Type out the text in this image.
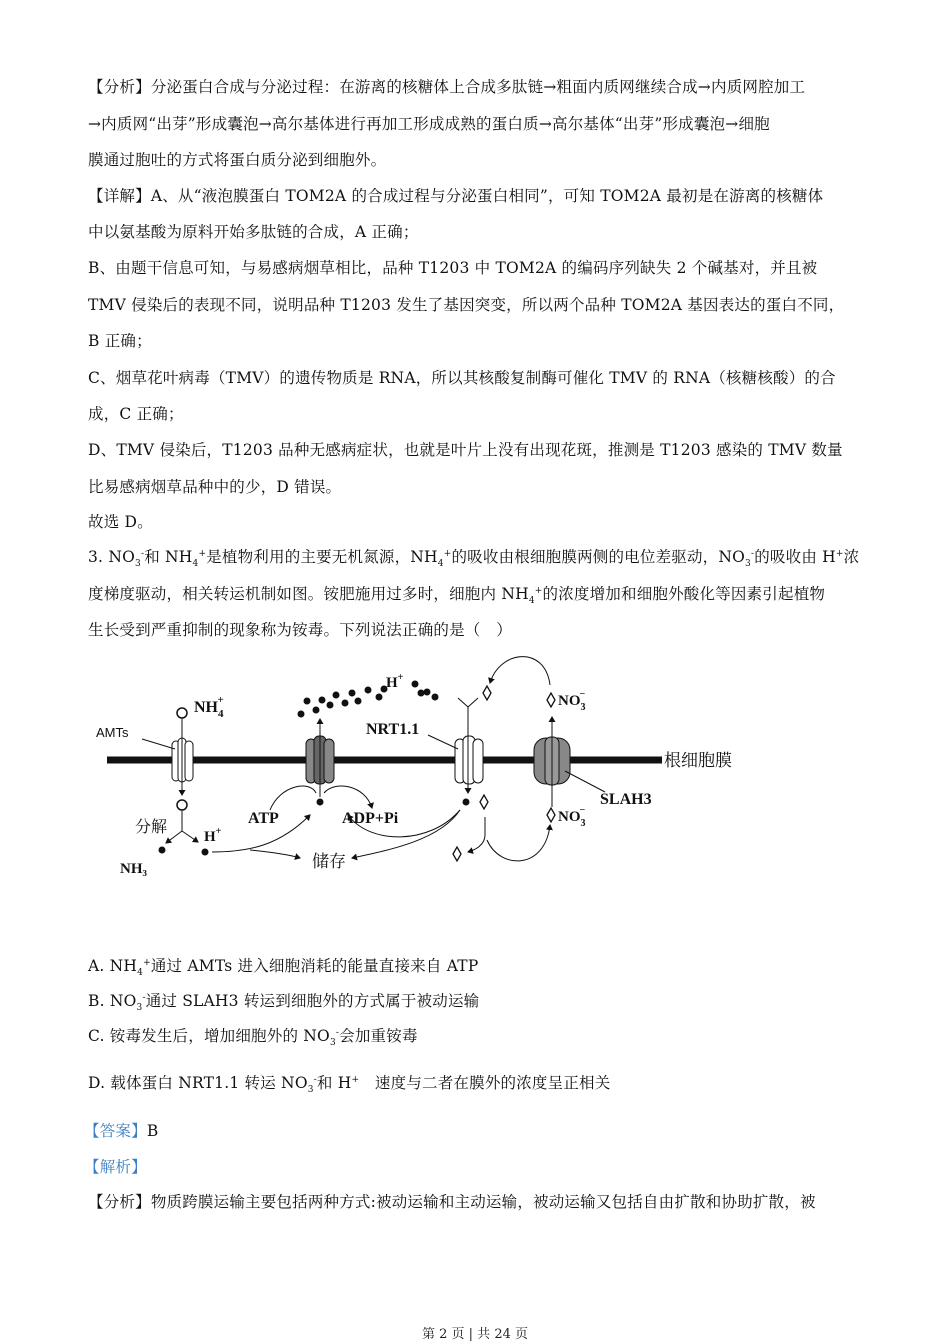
【分析】分泌蛋白合成与分泌过程：在游离的核糖体上合成多肽链→粗面内质网继续合成→内质网腔加工
→内质网“出芽”形成囊泡→高尔基体进行再加工形成成熟的蛋白质→高尔基体“出芽”形成囊泡→细胞
膜通过胞吐的方式将蛋白质分泌到细胞外。
【详解】A、从“液泡膜蛋白 TOM2A 的合成过程与分泌蛋白相同”，可知 TOM2A 最初是在游离的核糖体
中以氨基酸为原料开始多肽链的合成，A 正确；
B、由题干信息可知，与易感病烟草相比，品种 T1203 中 TOM2A 的编码序列缺失 2 个碱基对，并且被
TMV 侵染后的表现不同，说明品种 T1203 发生了基因突变，所以两个品种 TOM2A 基因表达的蛋白不同，
B 正确；
C、烟草花叶病毒（TMV）的遗传物质是 RNA，所以其核酸复制酶可催化 TMV 的 RNA（核糖核酸）的合
成，C 正确；
D、TMV 侵染后，T1203 品种无感病症状，也就是叶片上没有出现花斑，推测是 T1203 感染的 TMV 数量
比易感病烟草品种中的少，D 错误。
故选 D。
3. $NO_3^-$和 $NH_4^+$是植物利用的主要无机氮源，$NH_4^+$的吸收由根细胞膜两侧的电位差驱动，$NO_3^-$的吸收由 H+浓
度梯度驱动，相关转运机制如图。铵肥施用过多时，细胞内 $NH_4^+$的浓度增加和细胞外酸化等因素引起植物
生长受到严重抑制的现象称为铵毒。下列说法正确的是（　）
根细胞膜
AMTs
$NH_4+$
分解
NH₃
H+
ATP	ADP+Pi
H+
NRT1.1
储存
$NO_3-$
$NO_3-$
SLAH3
A. $NH_4^+$通过 AMTs 进入细胞消耗的能量直接来自 ATP
B. $NO_3^-$通过 SLAH3 转运到细胞外的方式属于被动运输
C. 铵毒发生后，增加细胞外的 $NO_3^-$会加重铵毒
D. 载体蛋白 NRT1.1 转运 $NO_3^-$和 H+　速度与二者在膜外的浓度呈正相关
【答案】B
【解析】
【分析】物质跨膜运输主要包括两种方式:被动运输和主动运输，被动运输又包括自由扩散和协助扩散，被
第 2 页 | 共 24 页
